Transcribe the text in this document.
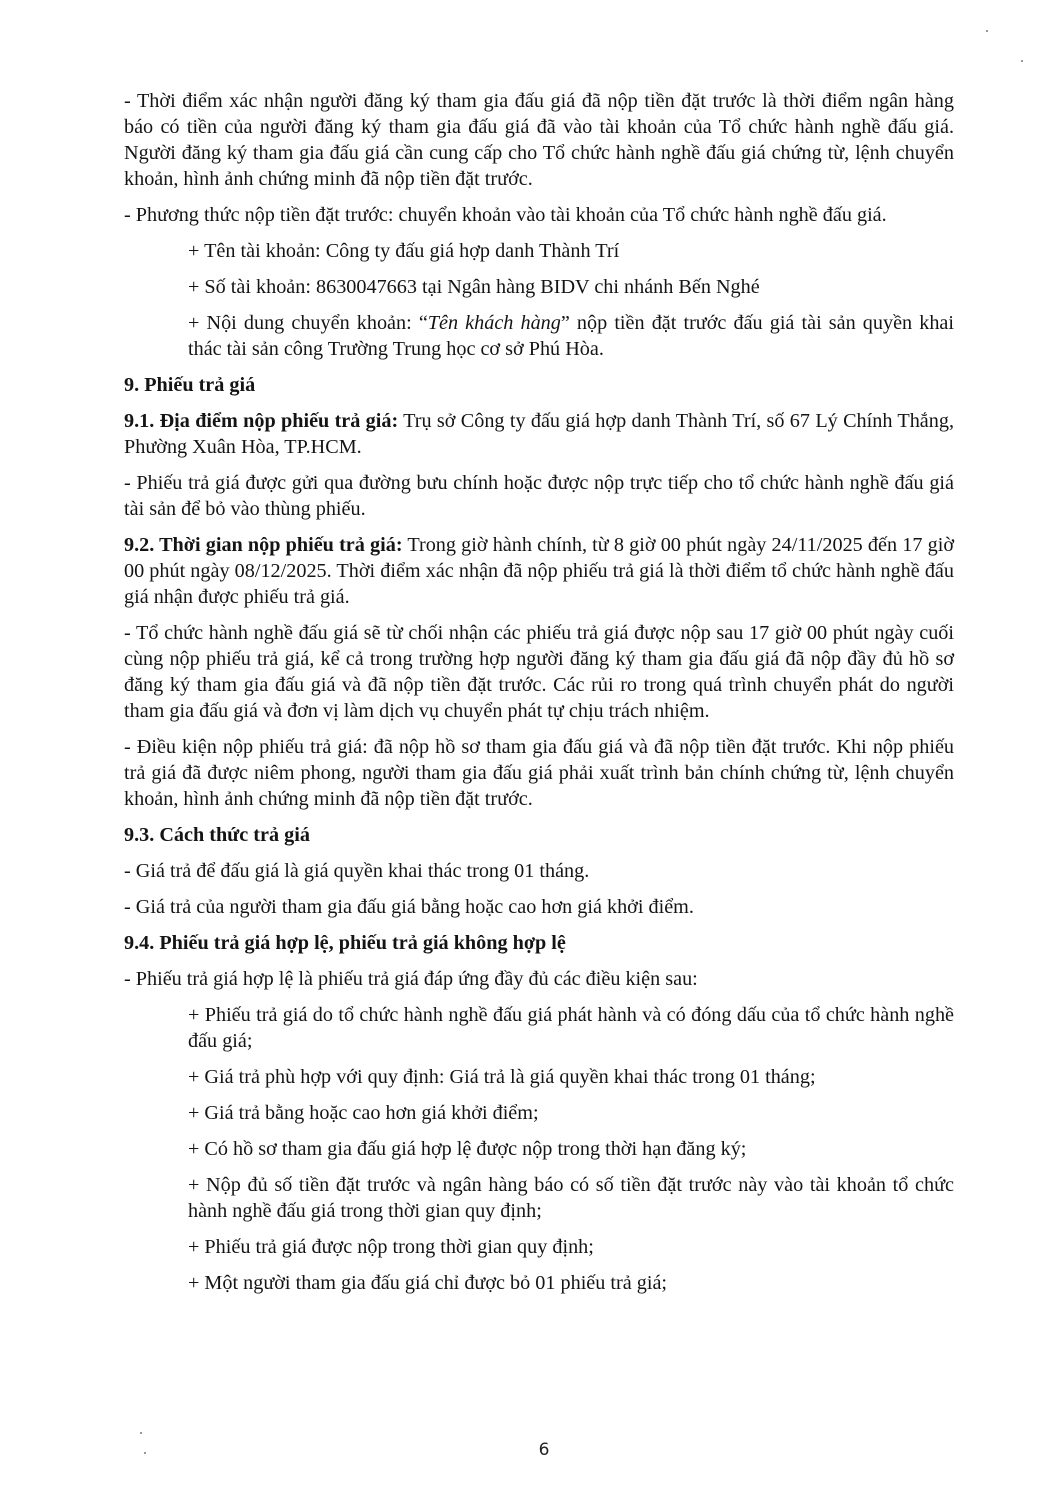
- Thời điểm xác nhận người đăng ký tham gia đấu giá đã nộp tiền đặt trước là thời điểm ngân hàng báo có tiền của người đăng ký tham gia đấu giá đã vào tài khoản của Tổ chức hành nghề đấu giá. Người đăng ký tham gia đấu giá cần cung cấp cho Tổ chức hành nghề đấu giá chứng từ, lệnh chuyển khoản, hình ảnh chứng minh đã nộp tiền đặt trước.

- Phương thức nộp tiền đặt trước: chuyển khoản vào tài khoản của Tổ chức hành nghề đấu giá.

+ Tên tài khoản: Công ty đấu giá hợp danh Thành Trí

+ Số tài khoản: 8630047663 tại Ngân hàng BIDV chi nhánh Bến Nghé

+ Nội dung chuyển khoản: “Tên khách hàng” nộp tiền đặt trước đấu giá tài sản quyền khai thác tài sản công Trường Trung học cơ sở Phú Hòa.

9. Phiếu trả giá

9.1. Địa điểm nộp phiếu trả giá: Trụ sở Công ty đấu giá hợp danh Thành Trí, số 67 Lý Chính Thắng, Phường Xuân Hòa, TP.HCM.

- Phiếu trả giá được gửi qua đường bưu chính hoặc được nộp trực tiếp cho tổ chức hành nghề đấu giá tài sản để bỏ vào thùng phiếu.

9.2. Thời gian nộp phiếu trả giá: Trong giờ hành chính, từ 8 giờ 00 phút ngày 24/11/2025 đến 17 giờ 00 phút ngày 08/12/2025. Thời điểm xác nhận đã nộp phiếu trả giá là thời điểm tổ chức hành nghề đấu giá nhận được phiếu trả giá.

- Tổ chức hành nghề đấu giá sẽ từ chối nhận các phiếu trả giá được nộp sau 17 giờ 00 phút ngày cuối cùng nộp phiếu trả giá, kể cả trong trường hợp người đăng ký tham gia đấu giá đã nộp đầy đủ hồ sơ đăng ký tham gia đấu giá và đã nộp tiền đặt trước. Các rủi ro trong quá trình chuyển phát do người tham gia đấu giá và đơn vị làm dịch vụ chuyển phát tự chịu trách nhiệm.

- Điều kiện nộp phiếu trả giá: đã nộp hồ sơ tham gia đấu giá và đã nộp tiền đặt trước. Khi nộp phiếu trả giá đã được niêm phong, người tham gia đấu giá phải xuất trình bản chính chứng từ, lệnh chuyển khoản, hình ảnh chứng minh đã nộp tiền đặt trước.

9.3. Cách thức trả giá

- Giá trả để đấu giá là giá quyền khai thác trong 01 tháng.

- Giá trả của người tham gia đấu giá bằng hoặc cao hơn giá khởi điểm.

9.4. Phiếu trả giá hợp lệ, phiếu trả giá không hợp lệ

- Phiếu trả giá hợp lệ là phiếu trả giá đáp ứng đầy đủ các điều kiện sau:

+ Phiếu trả giá do tổ chức hành nghề đấu giá phát hành và có đóng dấu của tổ chức hành nghề đấu giá;

+ Giá trả phù hợp với quy định: Giá trả là giá quyền khai thác trong 01 tháng;

+ Giá trả bằng hoặc cao hơn giá khởi điểm;

+ Có hồ sơ tham gia đấu giá hợp lệ được nộp trong thời hạn đăng ký;

+ Nộp đủ số tiền đặt trước và ngân hàng báo có số tiền đặt trước này vào tài khoản tổ chức hành nghề đấu giá trong thời gian quy định;

+ Phiếu trả giá được nộp trong thời gian quy định;

+ Một người tham gia đấu giá chỉ được bỏ 01 phiếu trả giá;

6
